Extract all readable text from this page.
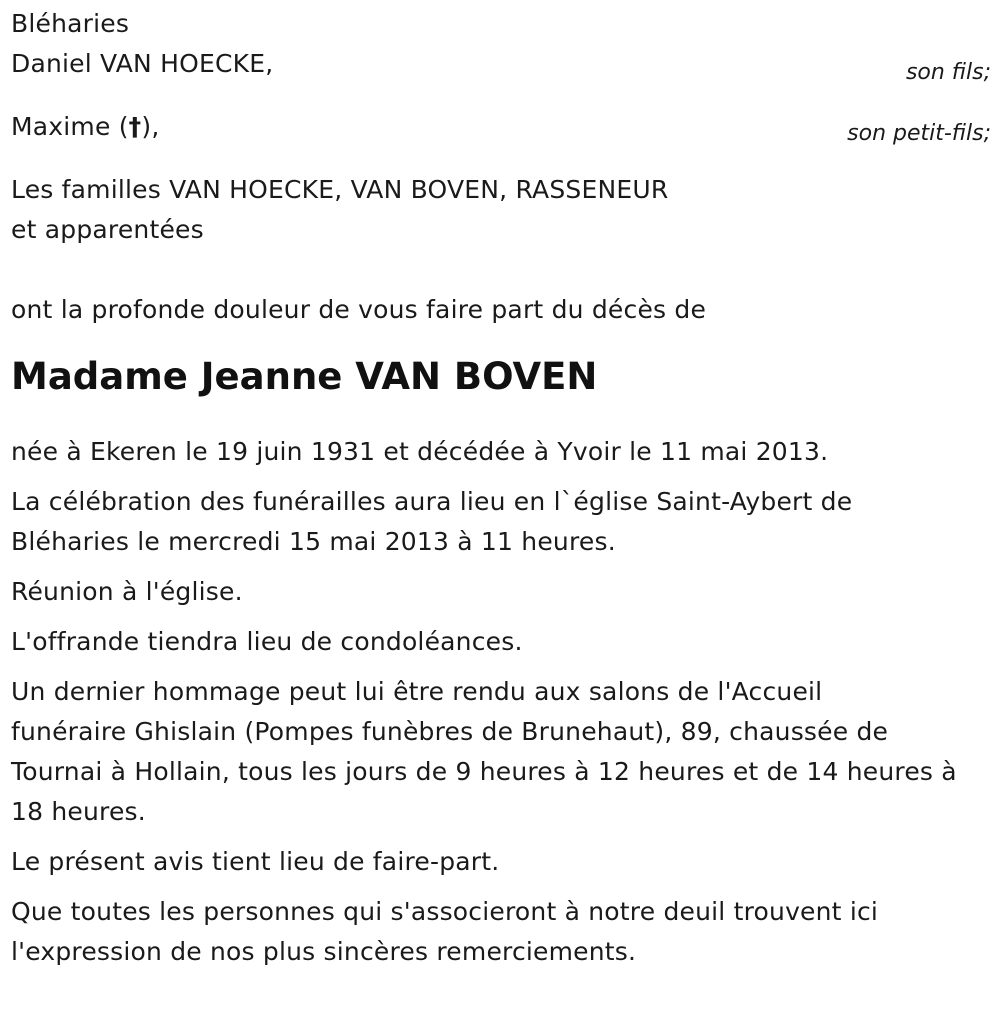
Bléharies
Daniel VAN HOECKE,	son fils;
Maxime (†),	son petit-fils;
Les familles VAN HOECKE, VAN BOVEN, RASSENEUR
et apparentées
ont la profonde douleur de vous faire part du décès de
Madame Jeanne VAN BOVEN
née à Ekeren le 19 juin 1931 et décédée à Yvoir le 11 mai 2013.
La célébration des funérailles aura lieu en l`église Saint-Aybert de
Bléharies le mercredi 15 mai 2013 à 11 heures.
Réunion à l'église.
L'offrande tiendra lieu de condoléances.
Un dernier hommage peut lui être rendu aux salons de l'Accueil
funéraire Ghislain (Pompes funèbres de Brunehaut), 89, chaussée de
Tournai à Hollain, tous les jours de 9 heures à 12 heures et de 14 heures à
18 heures.
Le présent avis tient lieu de faire-part.
Que toutes les personnes qui s'associeront à notre deuil trouvent ici
l'expression de nos plus sincères remerciements.
